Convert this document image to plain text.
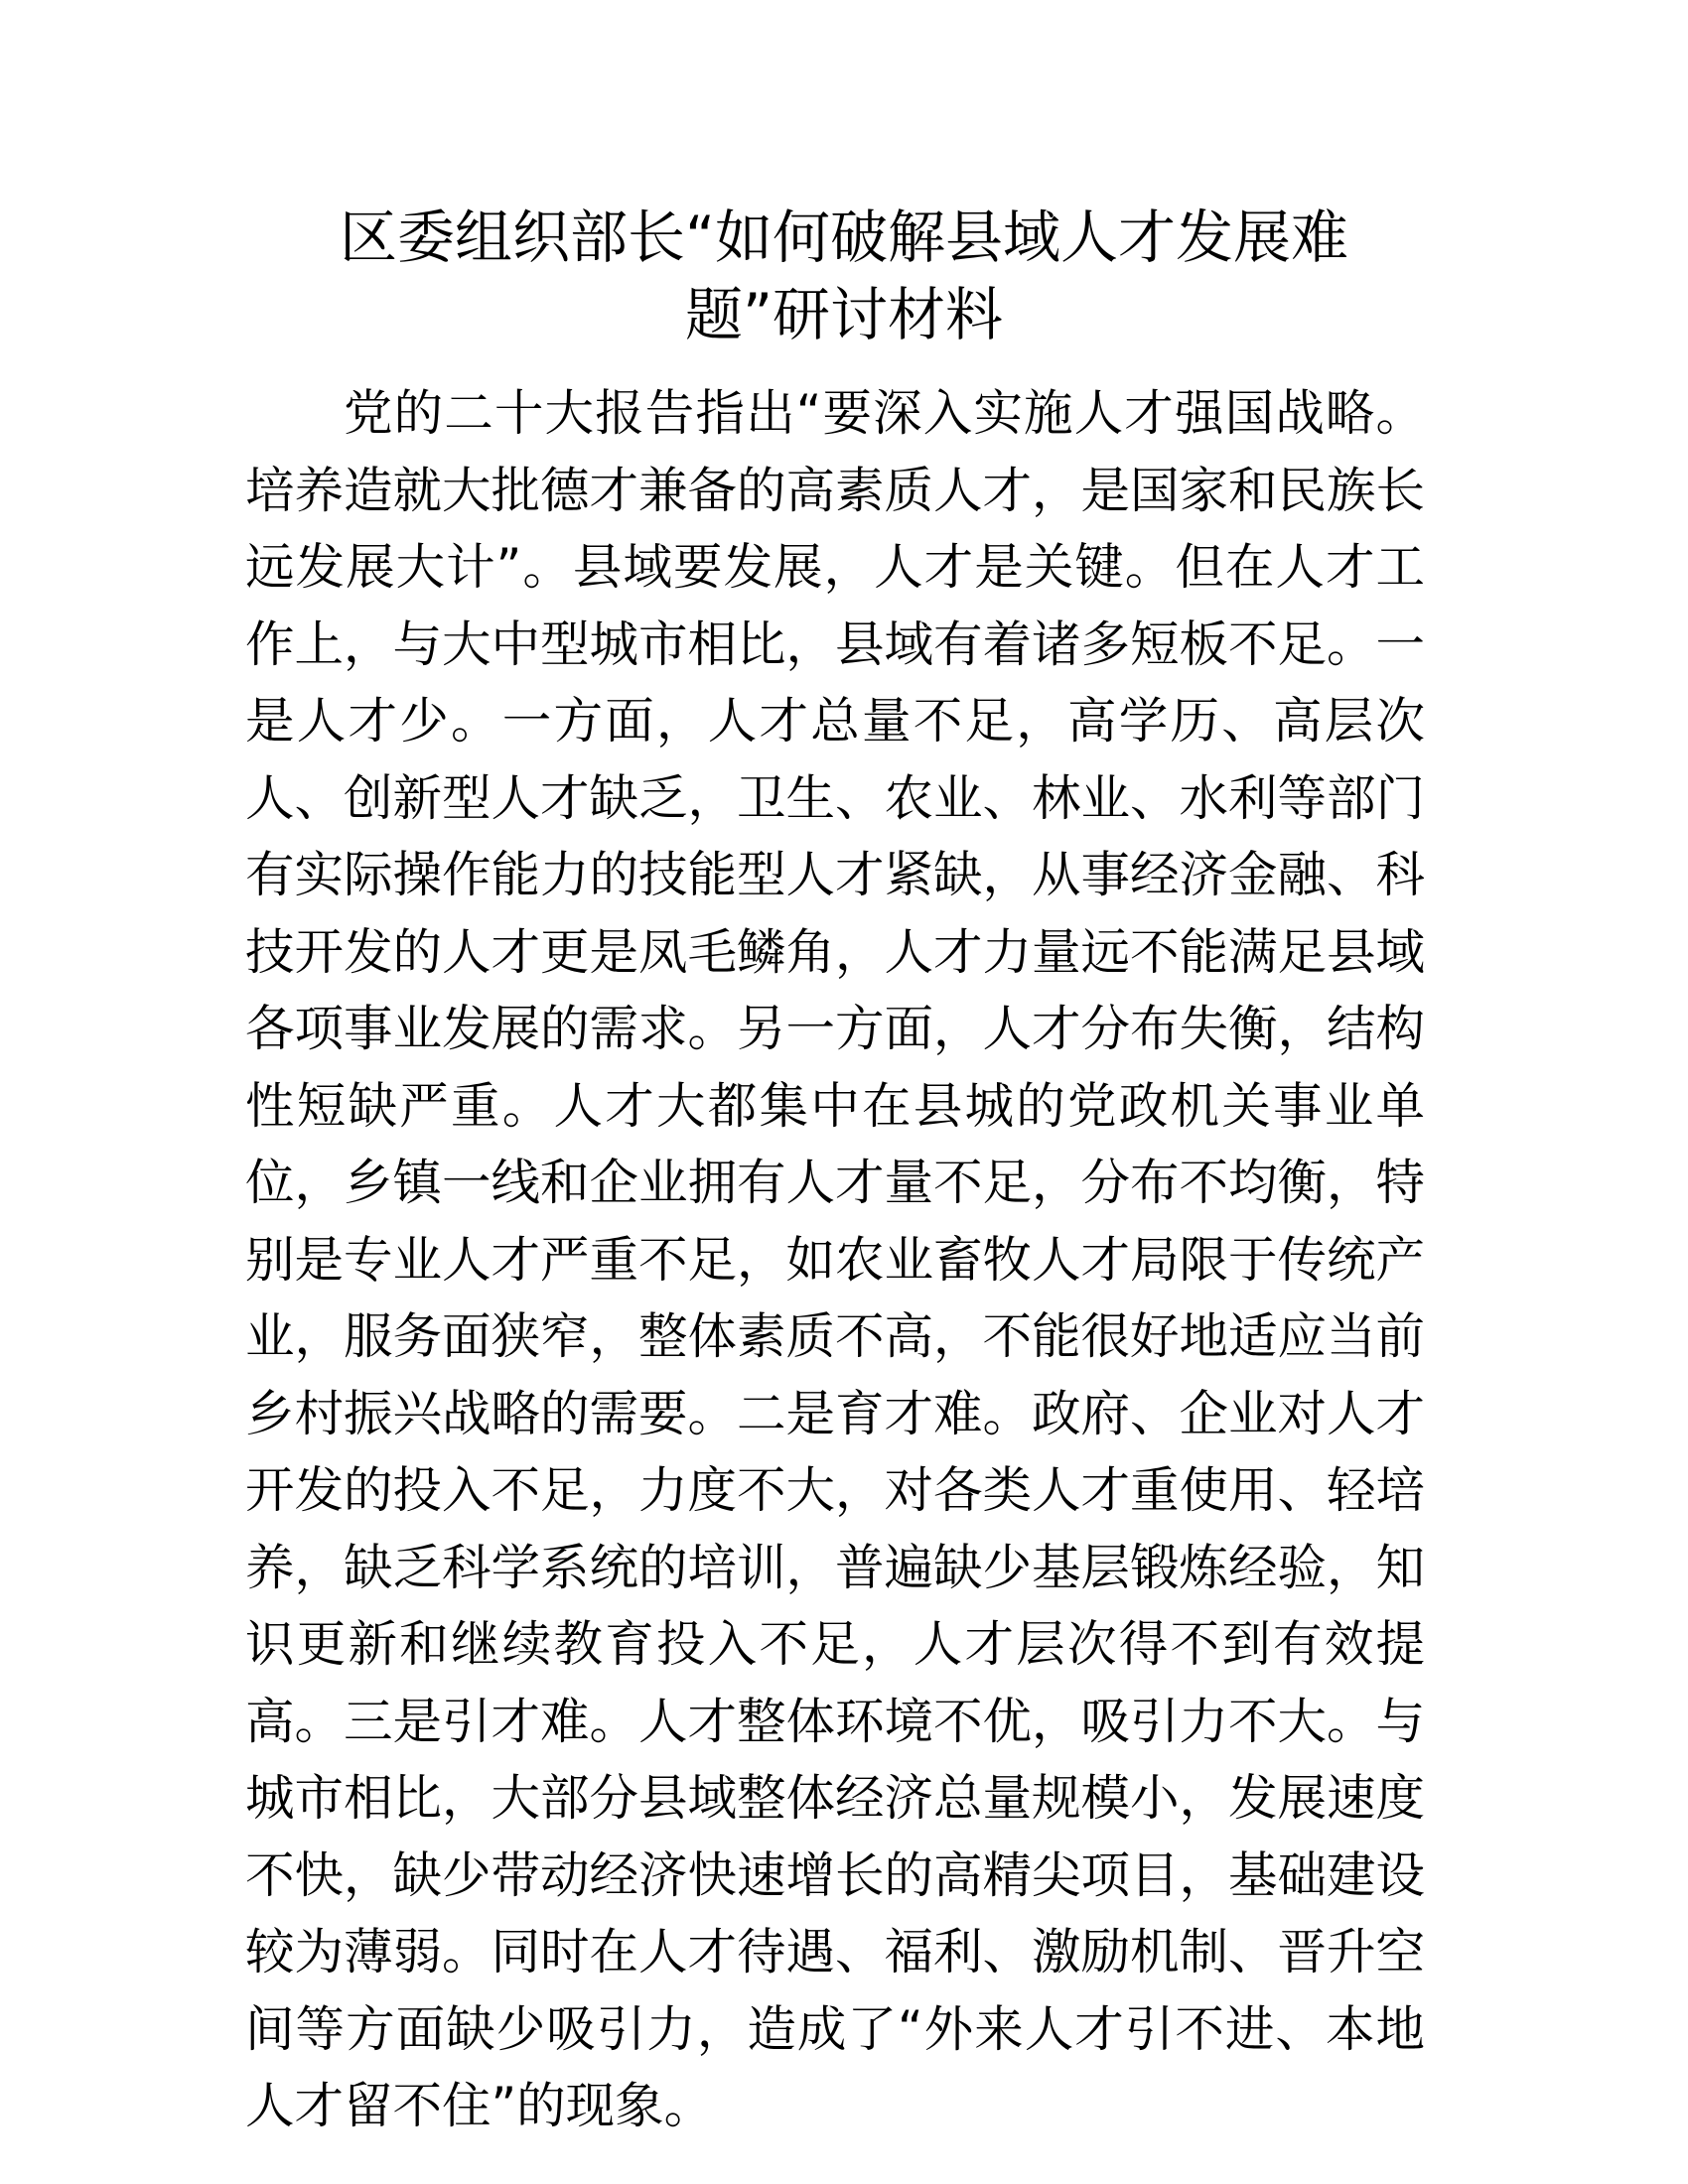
区委组织部长“如何破解县域人才发展难题”研讨材料

党的二十大报告指出“要深入实施人才强国战略。培养造就大批德才兼备的高素质人才，是国家和民族长远发展大计”。县域要发展，人才是关键。但在人才工作上，与大中型城市相比，县域有着诸多短板不足。一是人才少。一方面，人才总量不足，高学历、高层次人、创新型人才缺乏，卫生、农业、林业、水利等部门有实际操作能力的技能型人才紧缺，从事经济金融、科技开发的人才更是凤毛鳞角，人才力量远不能满足县域各项事业发展的需求。另一方面，人才分布失衡，结构性短缺严重。人才大都集中在县城的党政机关事业单位，乡镇一线和企业拥有人才量不足，分布不均衡，特别是专业人才严重不足，如农业畜牧人才局限于传统产业，服务面狭窄，整体素质不高，不能很好地适应当前乡村振兴战略的需要。二是育才难。政府、企业对人才开发的投入不足，力度不大，对各类人才重使用、轻培养，缺乏科学系统的培训，普遍缺少基层锻炼经验，知识更新和继续教育投入不足，人才层次得不到有效提高。三是引才难。人才整体环境不优，吸引力不大。与城市相比，大部分县域整体经济总量规模小，发展速度不快，缺少带动经济快速增长的高精尖项目，基础建设较为薄弱。同时在人才待遇、福利、激励机制、晋升空间等方面缺少吸引力，造成了“外来人才引不进、本地人才留不住”的现象。
